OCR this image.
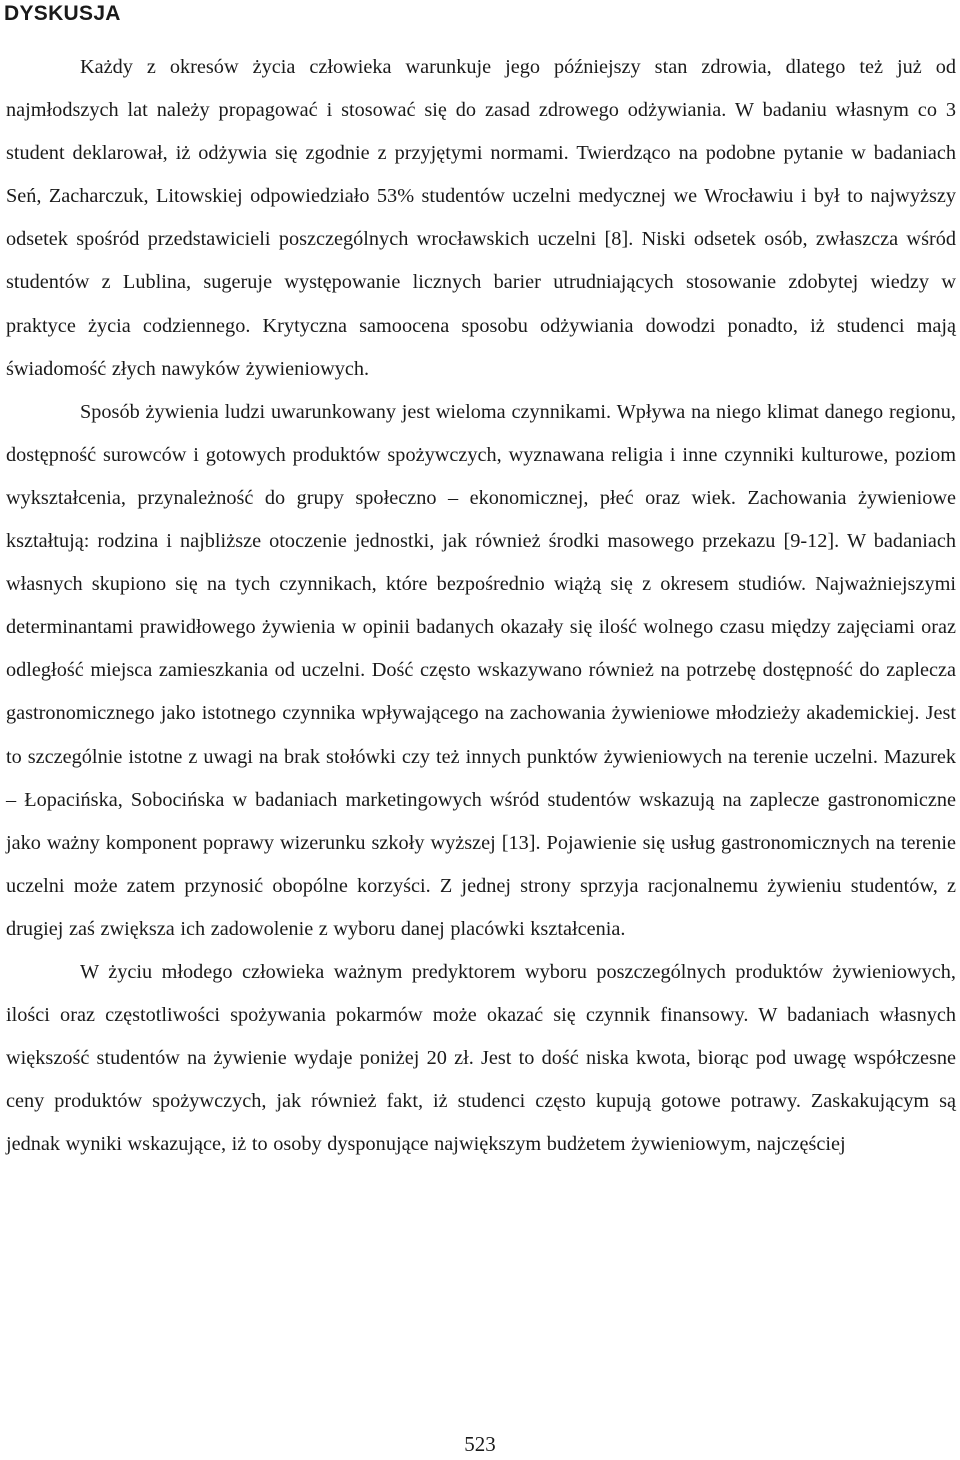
DYSKUSJA

Każdy z okresów życia człowieka warunkuje jego późniejszy stan zdrowia, dlatego też już od najmłodszych lat należy propagować i stosować się do zasad zdrowego odżywiania. W badaniu własnym co 3 student deklarował, iż odżywia się zgodnie z przyjętymi normami. Twierdząco na podobne pytanie w badaniach Seń, Zacharczuk, Litowskiej odpowiedziało 53% studentów uczelni medycznej we Wrocławiu i był to najwyższy odsetek spośród przedstawicieli poszczególnych wrocławskich uczelni [8]. Niski odsetek osób, zwłaszcza wśród studentów z Lublina, sugeruje występowanie licznych barier utrudniających stosowanie zdobytej wiedzy w praktyce życia codziennego. Krytyczna samoocena sposobu odżywiania dowodzi ponadto, iż studenci mają świadomość złych nawyków żywieniowych.

Sposób żywienia ludzi uwarunkowany jest wieloma czynnikami. Wpływa na niego klimat danego regionu, dostępność surowców i gotowych produktów spożywczych, wyznawana religia i inne czynniki kulturowe, poziom wykształcenia, przynależność do grupy społeczno – ekonomicznej, płeć oraz wiek. Zachowania żywieniowe kształtują: rodzina i najbliższe otoczenie jednostki, jak również środki masowego przekazu [9-12]. W badaniach własnych skupiono się na tych czynnikach, które bezpośrednio wiążą się z okresem studiów. Najważniejszymi determinantami prawidłowego żywienia w opinii badanych okazały się ilość wolnego czasu między zajęciami oraz odległość miejsca zamieszkania od uczelni. Dość często wskazywano również na potrzebę dostępność do zaplecza gastronomicznego jako istotnego czynnika wpływającego na zachowania żywieniowe młodzieży akademickiej. Jest to szczególnie istotne z uwagi na brak stołówki czy też innych punktów żywieniowych na terenie uczelni. Mazurek – Łopacińska, Sobocińska w badaniach marketingowych wśród studentów wskazują na zaplecze gastronomiczne jako ważny komponent poprawy wizerunku szkoły wyższej [13]. Pojawienie się usług gastronomicznych na terenie uczelni może zatem przynosić obopólne korzyści. Z jednej strony sprzyja racjonalnemu żywieniu studentów, z drugiej zaś zwiększa ich zadowolenie z wyboru danej placówki kształcenia.

W życiu młodego człowieka ważnym predyktorem wyboru poszczególnych produktów żywieniowych, ilości oraz częstotliwości spożywania pokarmów może okazać się czynnik finansowy. W badaniach własnych większość studentów na żywienie wydaje poniżej 20 zł. Jest to dość niska kwota, biorąc pod uwagę współczesne ceny produktów spożywczych, jak również fakt, iż studenci często kupują gotowe potrawy. Zaskakującym są jednak wyniki wskazujące, iż to osoby dysponujące największym budżetem żywieniowym, najczęściej

523
